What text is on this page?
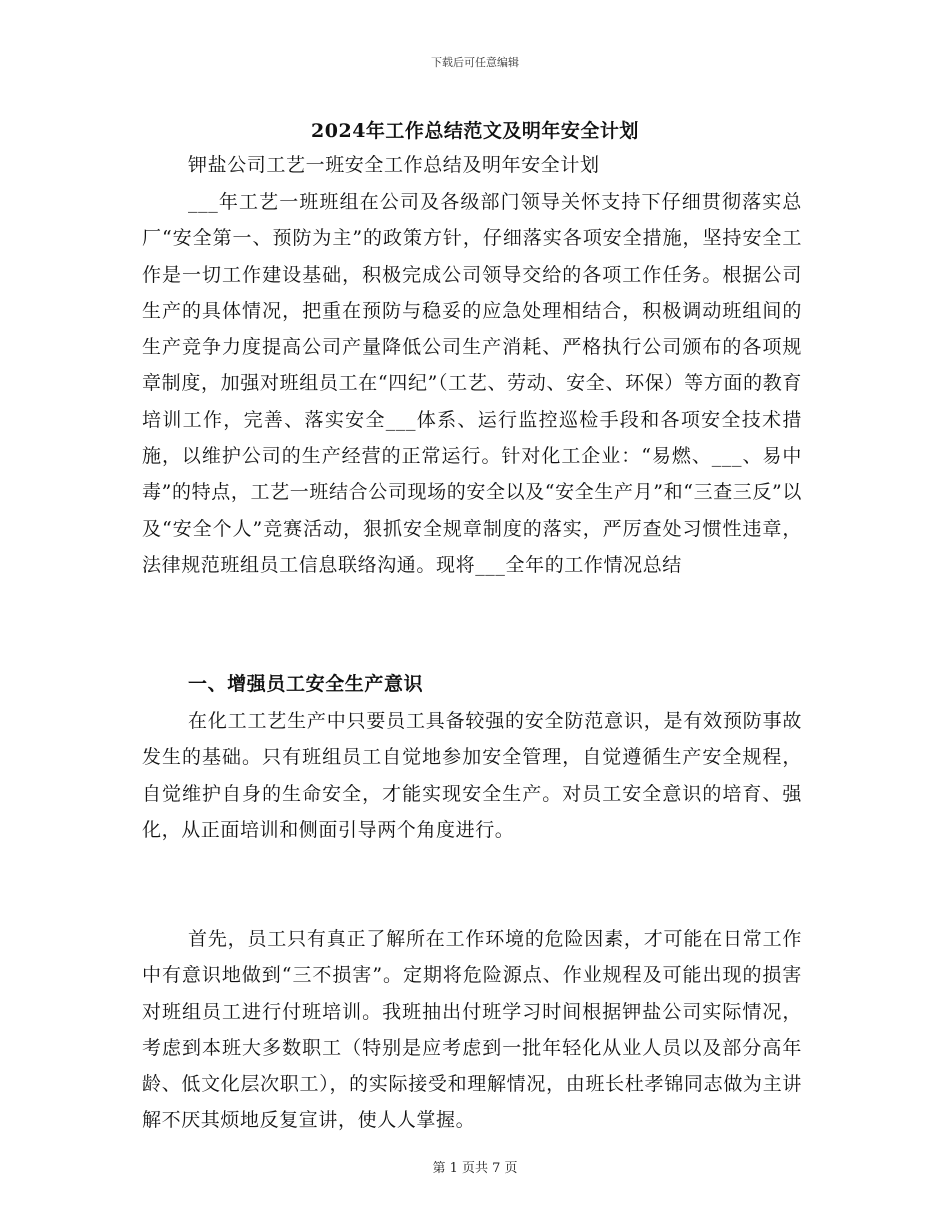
下载后可任意编辑
2024年工作总结范文及明年安全计划
钾盐公司工艺一班安全工作总结及明年安全计划
___年工艺一班班组在公司及各级部门领导关怀支持下仔细贯彻落实总厂“安全第一、预防为主”的政策方针，仔细落实各项安全措施，坚持安全工作是一切工作建设基础，积极完成公司领导交给的各项工作任务。根据公司生产的具体情况，把重在预防与稳妥的应急处理相结合，积极调动班组间的生产竞争力度提高公司产量降低公司生产消耗、严格执行公司颁布的各项规章制度，加强对班组员工在“四纪”（工艺、劳动、安全、环保）等方面的教育培训工作，完善、落实安全___体系、运行监控巡检手段和各项安全技术措施，以维护公司的生产经营的正常运行。针对化工企业：“易燃、___、易中毒”的特点，工艺一班结合公司现场的安全以及“安全生产月”和“三查三反”以及“安全个人”竞赛活动，狠抓安全规章制度的落实，严厉查处习惯性违章，法律规范班组员工信息联络沟通。现将___全年的工作情况总结
一、增强员工安全生产意识
在化工工艺生产中只要员工具备较强的安全防范意识，是有效预防事故发生的基础。只有班组员工自觉地参加安全管理，自觉遵循生产安全规程，自觉维护自身的生命安全，才能实现安全生产。对员工安全意识的培育、强化，从正面培训和侧面引导两个角度进行。
首先，员工只有真正了解所在工作环境的危险因素，才可能在日常工作中有意识地做到“三不损害”。定期将危险源点、作业规程及可能出现的损害对班组员工进行付班培训。我班抽出付班学习时间根据钾盐公司实际情况，考虑到本班大多数职工（特别是应考虑到一批年轻化从业人员以及部分高年龄、低文化层次职工），的实际接受和理解情况，由班长杜孝锦同志做为主讲解不厌其烦地反复宣讲，使人人掌握。
第 1 页共 7 页
